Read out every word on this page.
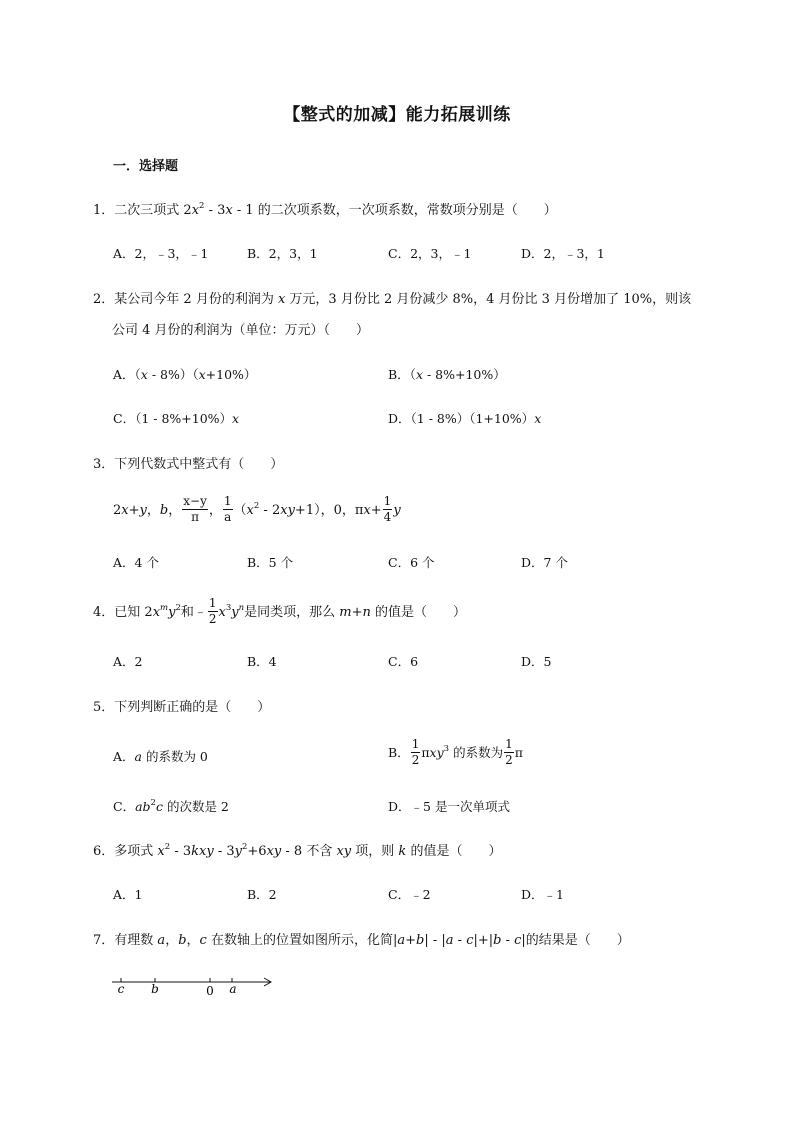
【整式的加减】能力拓展训练
一．选择题
1．二次三项式 $2x^2 - 3x - 1$ 的二次项系数，一次项系数，常数项分别是（　　）
A．2，﹣3，﹣1	B．2，3，1	C．2，3，﹣1	D．2，﹣3，1
2．某公司今年 2 月份的利润为 x 万元，3 月份比 2 月份减少 8%，4 月份比 3 月份增加了 10%，则该
公司 4 月份的利润为（单位：万元）（　　）
A．（x - 8%）（x+10%）	B．（x - 8%+10%）
C．（1 - 8%+10%）x	D．（1 - 8%）（1+10%）x
3．下列代数式中整式有（　　）
2x+y，b， $\frac{x-y}{\pi}$ ， $\frac{1}{a} (x^2 - 2xy+1)$，0，$\pi x+ \frac{1}{4}$ y
A．4 个	B．5 个	C．6 个	D．7 个
4．已知 $2x^my^2$和﹣ $\frac{1}{2} x^3y^n$是同类项，那么 m+n 的值是（　　）
A．2	B．4	C．6	D．5
5．下列判断正确的是（　　）
A．a 的系数为 0	B． $\frac{1}{2} \pi xy^3$ 的系数为 $\frac{1}{2}$ π
C．$ab^2c$ 的次数是 2	D．﹣5 是一次单项式
6．多项式 $x^2 - 3kxy - 3y^2+6xy - 8$ 不含 xy 项，则 k 的值是（　　）
A．1	B．2	C．﹣2	D．﹣1
7．有理数 a，b，c 在数轴上的位置如图所示，化简|a+b| - |a - c|+|b - c|的结果是（　　）
c b	0 a
